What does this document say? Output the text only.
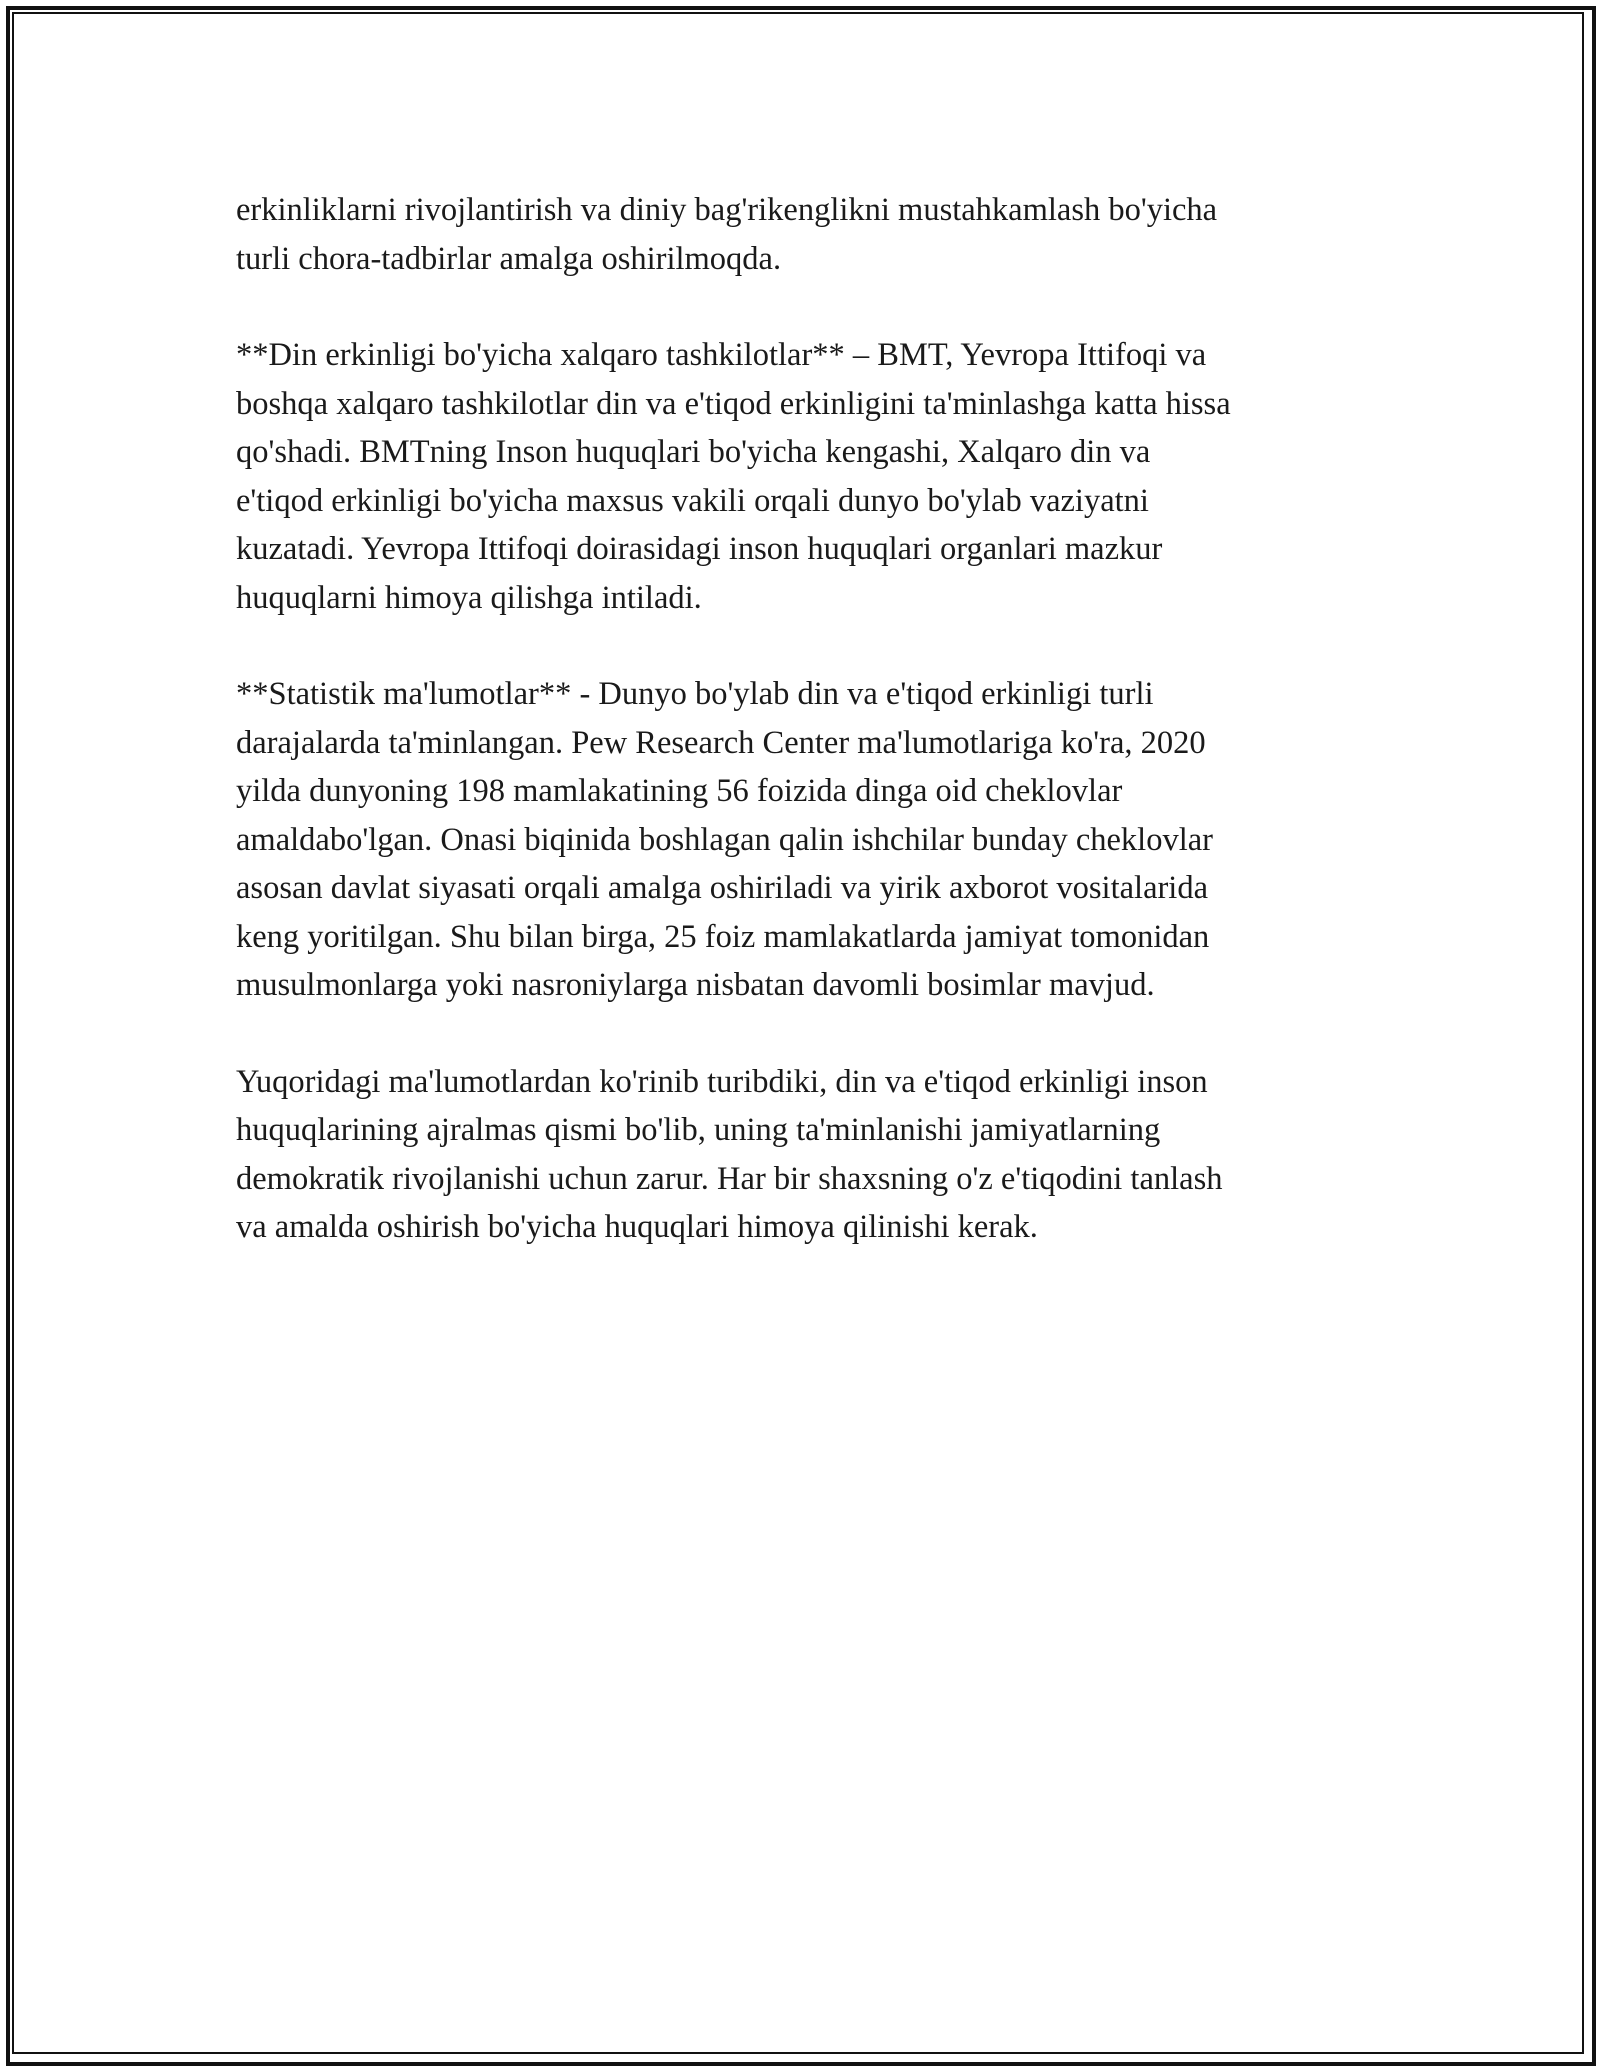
erkinliklarni rivojlantirish va diniy bag'rikenglikni mustahkamlash bo'yicha
turli chora-tadbirlar amalga oshirilmoqda.

**Din erkinligi bo'yicha xalqaro tashkilotlar** – BMT, Yevropa Ittifoqi va
boshqa xalqaro tashkilotlar din va e'tiqod erkinligini ta'minlashga katta hissa
qo'shadi. BMTning Inson huquqlari bo'yicha kengashi, Xalqaro din va
e'tiqod erkinligi bo'yicha maxsus vakili orqali dunyo bo'ylab vaziyatni
kuzatadi. Yevropa Ittifoqi doirasidagi inson huquqlari organlari mazkur
huquqlarni himoya qilishga intiladi.

**Statistik ma'lumotlar** - Dunyo bo'ylab din va e'tiqod erkinligi turli
darajalarda ta'minlangan. Pew Research Center ma'lumotlariga ko'ra, 2020
yilda dunyoning 198 mamlakatining 56 foizida dinga oid cheklovlar
amaldabo'lgan. Onasi biqinida boshlagan qalin ishchilar bunday cheklovlar
asosan davlat siyasati orqali amalga oshiriladi va yirik axborot vositalarida
keng yoritilgan. Shu bilan birga, 25 foiz mamlakatlarda jamiyat tomonidan
musulmonlarga yoki nasroniylarga nisbatan davomli bosimlar mavjud.

Yuqoridagi ma'lumotlardan ko'rinib turibdiki, din va e'tiqod erkinligi inson
huquqlarining ajralmas qismi bo'lib, uning ta'minlanishi jamiyatlarning
demokratik rivojlanishi uchun zarur. Har bir shaxsning o'z e'tiqodini tanlash
va amalda oshirish bo'yicha huquqlari himoya qilinishi kerak.
